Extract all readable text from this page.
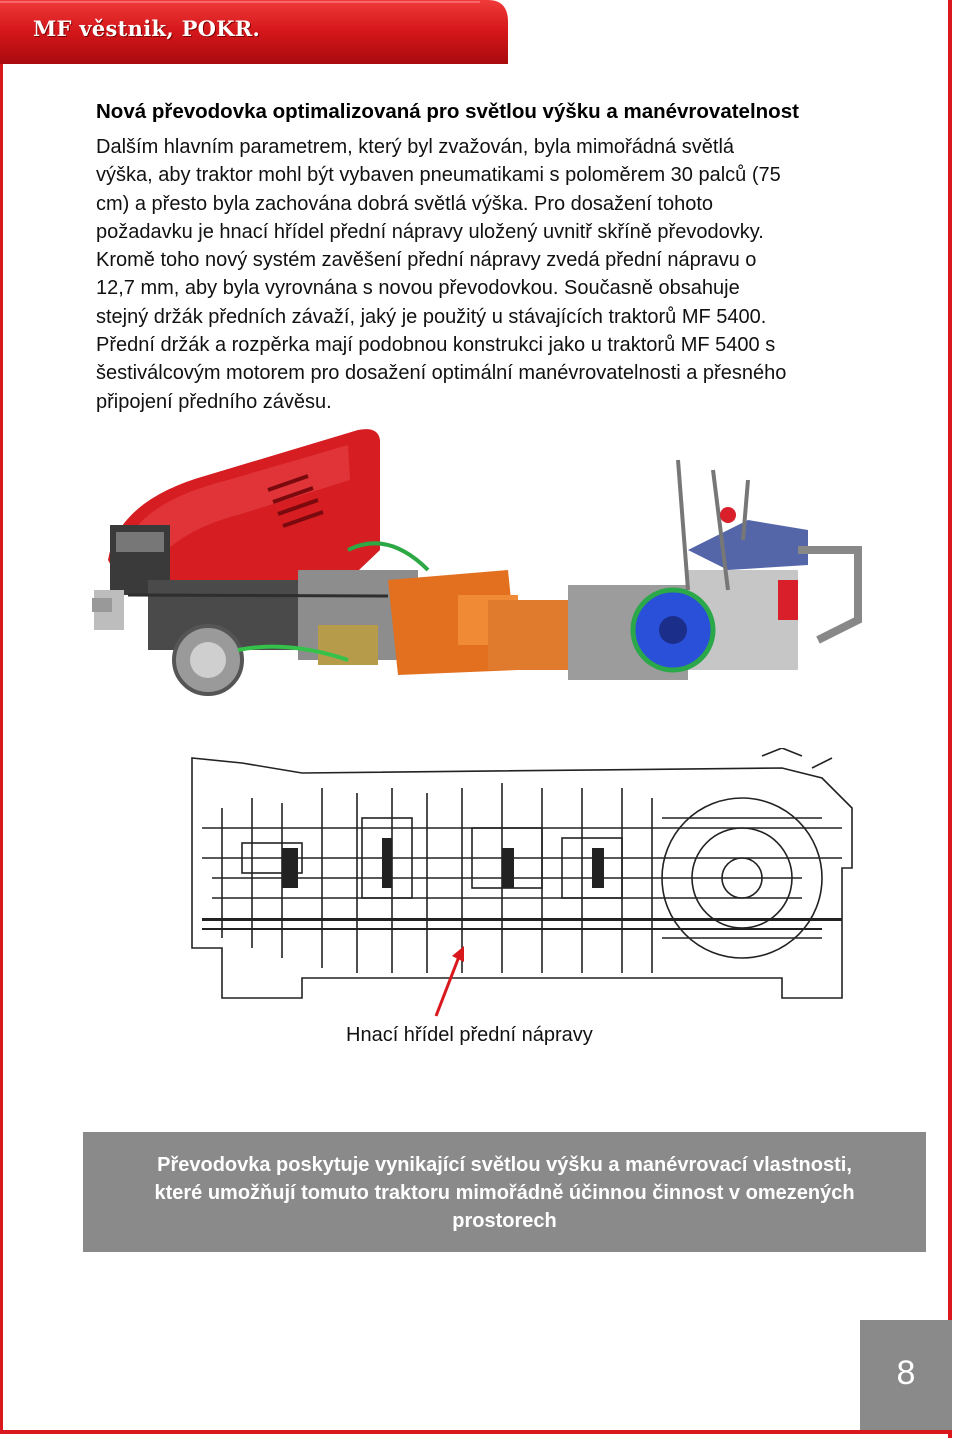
MF věstnik, POKR.
Nová převodovka optimalizovaná pro světlou výšku a manévrovatelnost
Dalším hlavním parametrem, který byl zvažován, byla mimořádná světlá
výška, aby traktor mohl být vybaven pneumatikami s poloměrem 30 palců (75
cm) a přesto byla zachována dobrá světlá výška. Pro dosažení tohoto
požadavku je hnací hřídel přední nápravy uložený uvnitř skříně převodovky.
Kromě toho nový systém zavěšení přední nápravy zvedá přední nápravu o
12,7 mm, aby byla vyrovnána s novou převodovkou. Současně obsahuje
stejný držák předních závaží, jaký je použitý u stávajících traktorů MF 5400.
Přední držák a rozpěrka mají podobnou konstrukci jako u traktorů MF 5400 s
šestiválcovým motorem pro dosažení optimální manévrovatelnosti a přesného
připojení předního závěsu.
Hnací hřídel přední nápravy
Převodovka poskytuje vynikající světlou výšku a manévrovací vlastnosti,
které umožňují tomuto traktoru mimořádně účinnou činnost v omezených
prostorech
8
